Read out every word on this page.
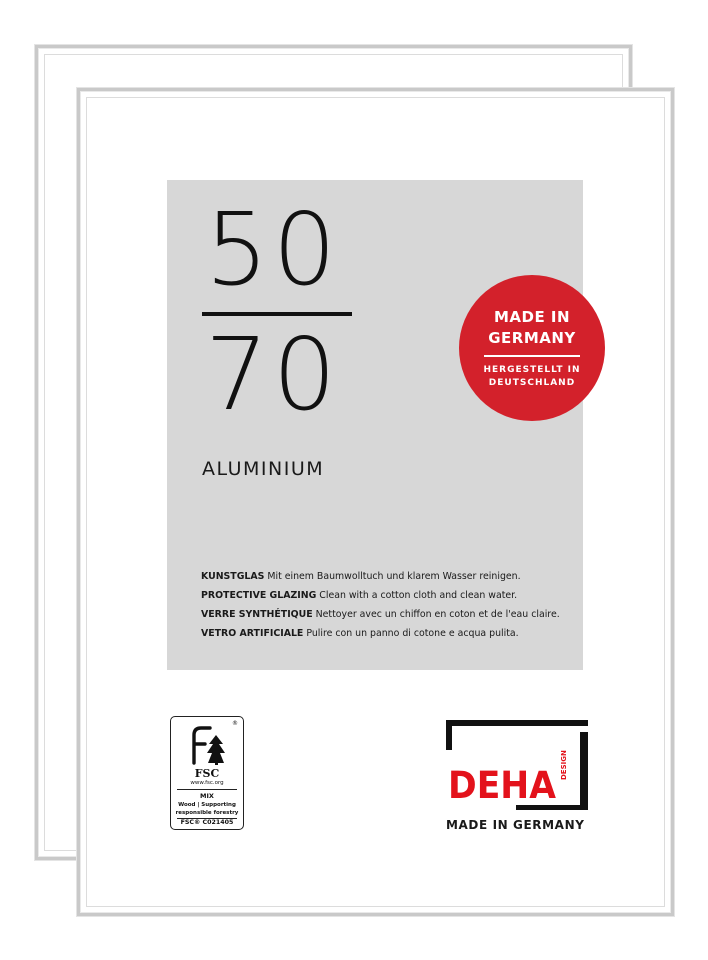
50
70
ALUMINIUM
MADE IN
GERMANY
HERGESTELLT IN
DEUTSCHLAND
KUNSTGLAS Mit einem Baumwolltuch und klarem Wasser reinigen.
PROTECTIVE GLAZING Clean with a cotton cloth and clean water.
VERRE SYNTHÉTIQUE Nettoyer avec un chiffon en coton et de l'eau claire.
VETRO ARTIFICIALE Pulire con un panno di cotone e acqua pulita.
®
FSC
www.fsc.org
MIX
Wood | Supporting
responsible forestry
FSC® C021405
DEHA DESIGN
MADE IN GERMANY
